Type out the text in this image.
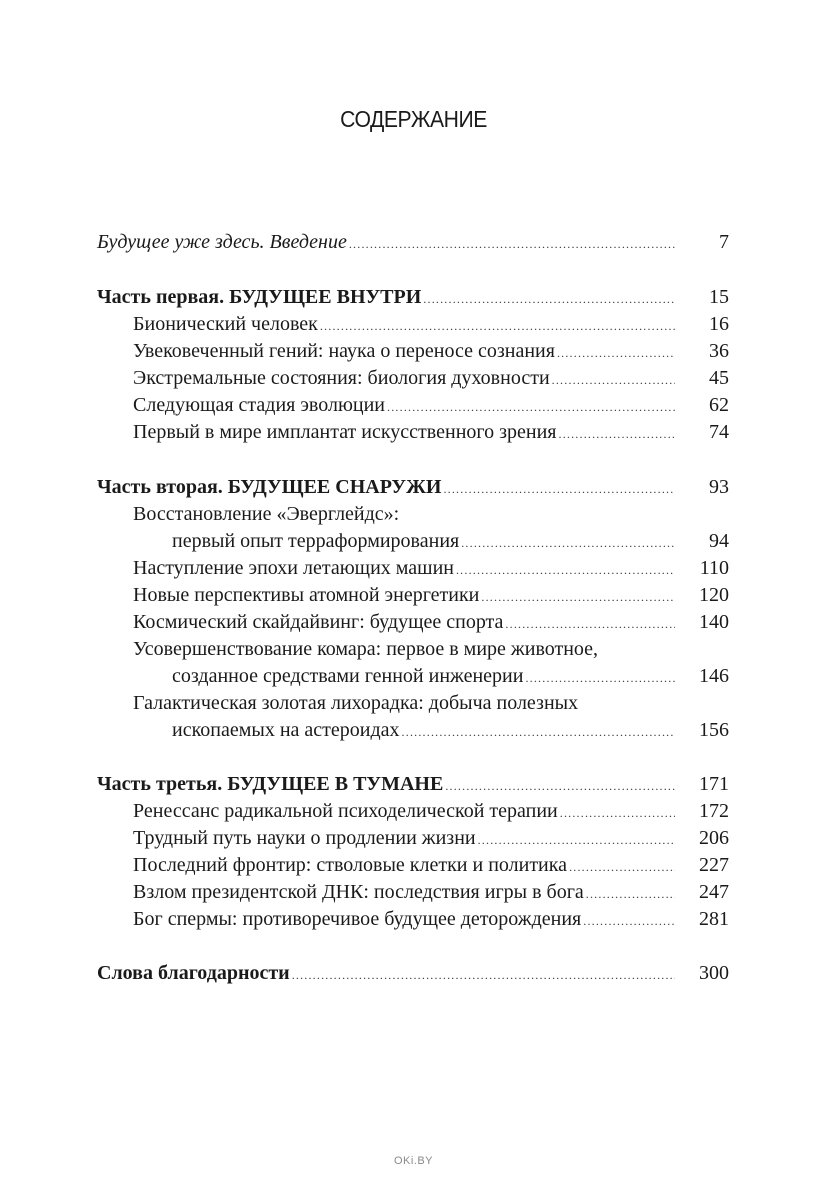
СОДЕРЖАНИЕ
Будущее уже здесь. Введение .....	7
Часть первая. БУДУЩЕЕ ВНУТРИ .....	15
Бионический человек .....	16
Увековеченный гений: наука о переносе сознания .....	36
Экстремальные состояния: биология духовности .....	45
Следующая стадия эволюции .....	62
Первый в мире имплантат искусственного зрения .....	74
Часть вторая. БУДУЩЕЕ СНАРУЖИ .....	93
Восстановление «Эверглейдс»:
первый опыт терраформирования .....	94
Наступление эпохи летающих машин .....	110
Новые перспективы атомной энергетики .....	120
Космический скайдайвинг: будущее спорта .....	140
Усовершенствование комара: первое в мире животное,
созданное средствами генной инженерии .....	146
Галактическая золотая лихорадка: добыча полезных
ископаемых на астероидах .....	156
Часть третья. БУДУЩЕЕ В ТУМАНЕ .....	171
Ренессанс радикальной психоделической терапии .....	172
Трудный путь науки о продлении жизни .....	206
Последний фронтир: стволовые клетки и политика .....	227
Взлом президентской ДНК: последствия игры в бога .....	247
Бог спермы: противоречивое будущее деторождения .....	281
Слова благодарности .....	300
OKi.BY
